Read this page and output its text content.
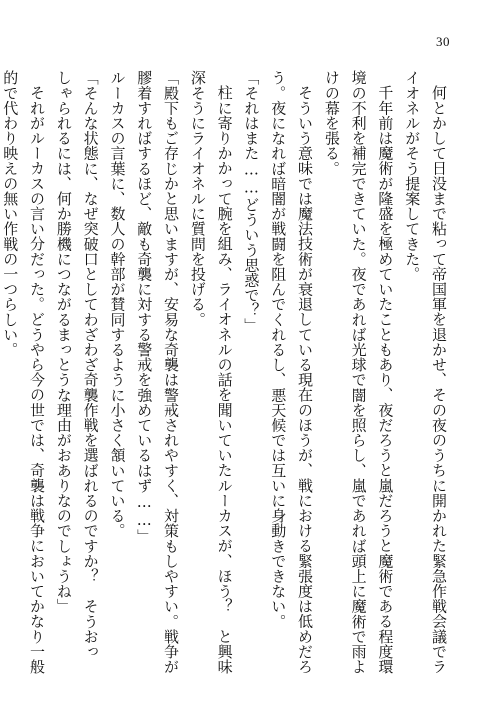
30
何とかして日没まで粘って帝国軍を退かせ、その夜のうちに開かれた緊急作戦会議でラ
イオネルがそう提案してきた。
千年前は魔術が隆盛を極めていたこともあり、夜だろうと嵐だろうと魔術である程度環
境の不利を補完できていた。夜であれば光球で闇を照らし、嵐であれば頭上に魔術で雨よ
けの幕を張る。
そういう意味では魔法技術が衰退している現在のほうが、戦における緊張度は低めだろ
う。夜になれば暗闇が戦闘を阻んでくれるし、悪天候では互いに身動きできない。
「それはまた……どういう思惑で？」
柱に寄りかかって腕を組み、ライオネルの話を聞いていたルーカスが、ほう？　と興味
深そうにライオネルに質問を投げる。
「殿下もご存じかと思いますが、安易な奇襲は警戒されやすく、対策もしやすい。戦争が
膠着すればするほど、敵も奇襲に対する警戒を強めているはず……」
ルーカスの言葉に、数人の幹部が賛同するように小さく頷いている。
「そんな状態に、なぜ突破口としてわざわざ奇襲作戦を選ばれるのですか？　そうおっ
しゃられるには、何か勝機につながるまっとうな理由がおありなのでしょうね」
それがルーカスの言い分だった。どうやら今の世では、奇襲は戦争においてかなり一般
的で代わり映えの無い作戦の一つらしい。
